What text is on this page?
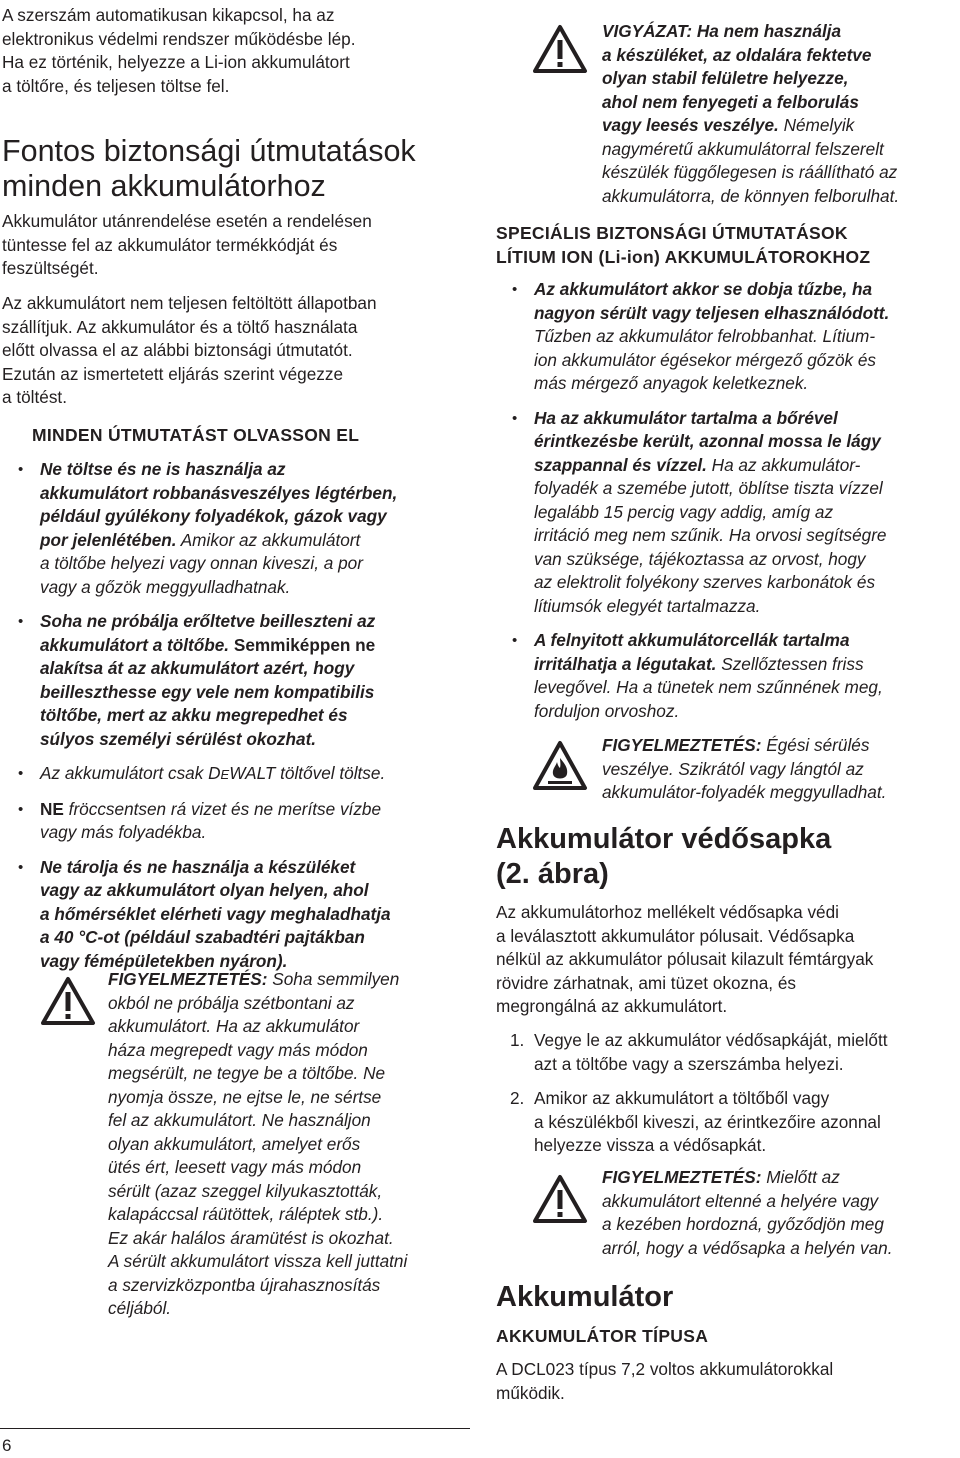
A szerszám automatikusan kikapcsol, ha az
elektronikus védelmi rendszer működésbe lép.
Ha ez történik, helyezze a Li-ion akkumulátort
a töltőre, és teljesen töltse fel.

Fontos biztonsági útmutatások
minden akkumulátorhoz

Akkumulátor utánrendelése esetén a rendelésen
tüntesse fel az akkumulátor termékkódját és
feszültségét.

Az akkumulátort nem teljesen feltöltött állapotban
szállítjuk. Az akkumulátor és a töltő használata
előtt olvassa el az alábbi biztonsági útmutatót.
Ezután az ismertetett eljárás szerint végezze
a töltést.

MINDEN ÚTMUTATÁST OLVASSON EL
• Ne töltse és ne is használja az
akkumulátort robbanásveszélyes légtérben,
például gyúlékony folyadékok, gázok vagy
por jelenlétében. Amikor az akkumulátort
a töltőbe helyezi vagy onnan kiveszi, a por
vagy a gőzök meggyulladhatnak.
• Soha ne próbálja erőltetve beilleszteni az
akkumulátort a töltőbe. Semmiképpen ne
alakítsa át az akkumulátort azért, hogy
beilleszthesse egy vele nem kompatibilis
töltőbe, mert az akku megrepedhet és
súlyos személyi sérülést okozhat.
• Az akkumulátort csak DEWALT töltővel töltse.
• NE fröccsentsen rá vizet és ne merítse vízbe
vagy más folyadékba.
• Ne tárolja és ne használja a készüléket
vagy az akkumulátort olyan helyen, ahol
a hőmérséklet elérheti vagy meghaladhatja
a 40 °C-ot (például szabadtéri pajtákban
vagy fémépületekben nyáron).

FIGYELMEZTETÉS: Soha semmilyen
okból ne próbálja szétbontani az
akkumulátort. Ha az akkumulátor
háza megrepedt vagy más módon
megsérült, ne tegye be a töltőbe. Ne
nyomja össze, ne ejtse le, ne sértse
fel az akkumulátort. Ne használjon
olyan akkumulátort, amelyet erős
ütés ért, leesett vagy más módon
sérült (azaz szeggel kilyukasztották,
kalapáccsal ráütöttek, ráléptek stb.).
Ez akár halálos áramütést is okozhat.
A sérült akkumulátort vissza kell juttatni
a szervizközpontba újrahasznosítás
céljából.

VIGYÁZAT: Ha nem használja
a készüléket, az oldalára fektetve
olyan stabil felületre helyezze,
ahol nem fenyegeti a felborulás
vagy leesés veszélye. Némelyik
nagyméretű akkumulátorral felszerelt
készülék függőlegesen is ráállítható az
akkumulátorra, de könnyen felborulhat.

SPECIÁLIS BIZTONSÁGI ÚTMUTATÁSOK
LÍTIUM ION (Li-ion) AKKUMULÁTOROKHOZ
• Az akkumulátort akkor se dobja tűzbe, ha
nagyon sérült vagy teljesen elhasználódott.
Tűzben az akkumulátor felrobbanhat. Lítium-
ion akkumulátor égésekor mérgező gőzök és
más mérgező anyagok keletkeznek.
• Ha az akkumulátor tartalma a bőrével
érintkezésbe került, azonnal mossa le lágy
szappannal és vízzel. Ha az akkumulátor-
folyadék a szemébe jutott, öblítse tiszta vízzel
legalább 15 percig vagy addig, amíg az
irritáció meg nem szűnik. Ha orvosi segítségre
van szüksége, tájékoztassa az orvost, hogy
az elektrolit folyékony szerves karbonátok és
lítiumsók elegyét tartalmazza.
• A felnyitott akkumulátorcellák tartalma
irritálhatja a légutakat. Szellőztessen friss
levegővel. Ha a tünetek nem szűnnének meg,
forduljon orvoshoz.

FIGYELMEZTETÉS: Égési sérülés
veszélye. Szikrától vagy lángtól az
akkumulátor-folyadék meggyulladhat.

Akkumulátor védősapka
(2. ábra)

Az akkumulátorhoz mellékelt védősapka védi
a leválasztott akkumulátor pólusait. Védősapka
nélkül az akkumulátor pólusait kilazult fémtárgyak
rövidre zárhatnak, ami tüzet okozna, és
megrongálná az akkumulátort.

1. Vegye le az akkumulátor védősapkáját, mielőtt
azt a töltőbe vagy a szerszámba helyezi.
2. Amikor az akkumulátort a töltőből vagy
a készülékből kiveszi, az érintkezőire azonnal
helyezze vissza a védősapkát.

FIGYELMEZTETÉS: Mielőtt az
akkumulátort eltenné a helyére vagy
a kezében hordozná, győződjön meg
arról, hogy a védősapka a helyén van.

Akkumulátor
AKKUMULÁTOR TÍPUSA

A DCL023 típus 7,2 voltos akkumulátorokkal
működik.

6
